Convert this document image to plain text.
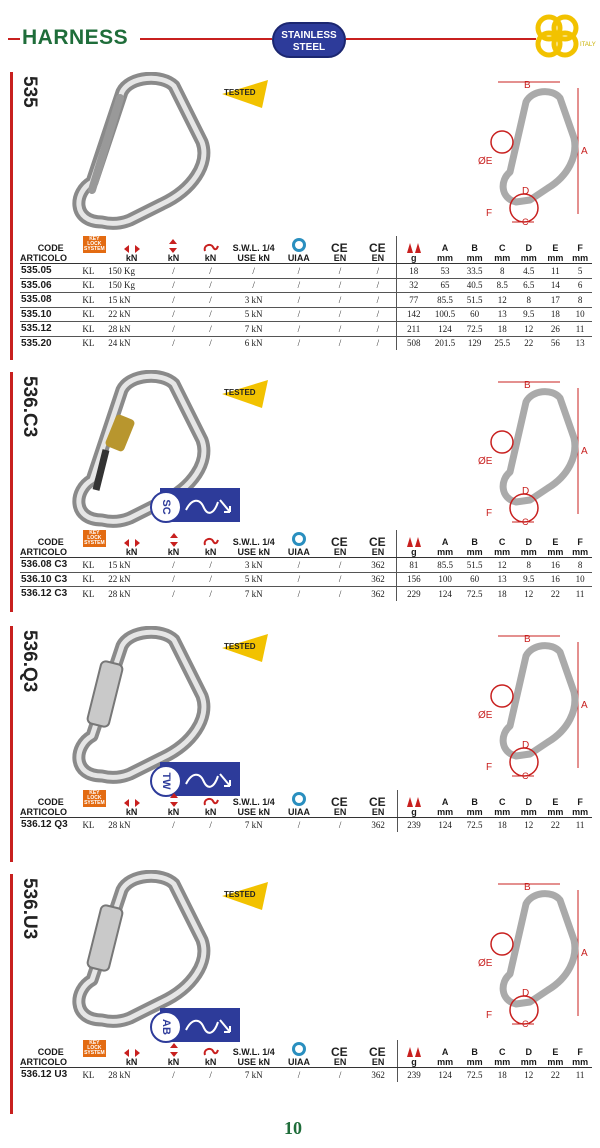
HARNESS	STAINLESS
STEEL	ITALY
535	TESTED
B
A
ØE
D
F
C
CODE	KEY
LOCK
SYSTEM				S.W.L. 1/4		CE	CE		A	B	C	D	E	F
ARTICOLO		kN	kN	kN	USE kN	UIAA	EN	EN	g	mm	mm	mm	mm	mm	mm
535.05	KL	150 Kg	/	/	/	/	/	/	18	53	33.5	8	4.5	11	5
535.06	KL	150 Kg	/	/	/	/	/	/	32	65	40.5	8.5	6.5	14	6
535.08	KL	15 kN	/	/	3 kN	/	/	/	77	85.5	51.5	12	8	17	8
535.10	KL	22 kN	/	/	5 kN	/	/	/	142	100.5	60	13	9.5	18	10
535.12	KL	28 kN	/	/	7 kN	/	/	/	211	124	72.5	18	12	26	11
535.20	KL	24 kN	/	/	6 kN	/	/	/	508	201.5	129	25.5	22	56	13
536.C3	TESTED
SC
B
A
ØE
D
F
C
CODE	KEY
LOCK
SYSTEM				S.W.L. 1/4		CE	CE		A	B	C	D	E	F
ARTICOLO		kN	kN	kN	USE kN	UIAA	EN	EN	g	mm	mm	mm	mm	mm	mm
536.08 C3	KL	15 kN	/	/	3 kN	/	/	362	81	85.5	51.5	12	8	16	8
536.10 C3	KL	22 kN	/	/	5 kN	/	/	362	156	100	60	13	9.5	16	10
536.12 C3	KL	28 kN	/	/	7 kN	/	/	362	229	124	72.5	18	12	22	11
536.Q3	TESTED
TW
B
A
ØE
D
F
C
CODE	KEY
LOCK
SYSTEM				S.W.L. 1/4		CE	CE		A	B	C	D	E	F
ARTICOLO		kN	kN	kN	USE kN	UIAA	EN	EN	g	mm	mm	mm	mm	mm	mm
536.12 Q3	KL	28 kN	/	/	7 kN	/	/	362	239	124	72.5	18	12	22	11
536.U3	TESTED
AB
B
A
ØE
D
F
C
CODE	KEY
LOCK
SYSTEM				S.W.L. 1/4		CE	CE		A	B	C	D	E	F
ARTICOLO		kN	kN	kN	USE kN	UIAA	EN	EN	g	mm	mm	mm	mm	mm	mm
536.12 U3	KL	28 kN	/	/	7 kN	/	/	362	239	124	72.5	18	12	22	11
10
